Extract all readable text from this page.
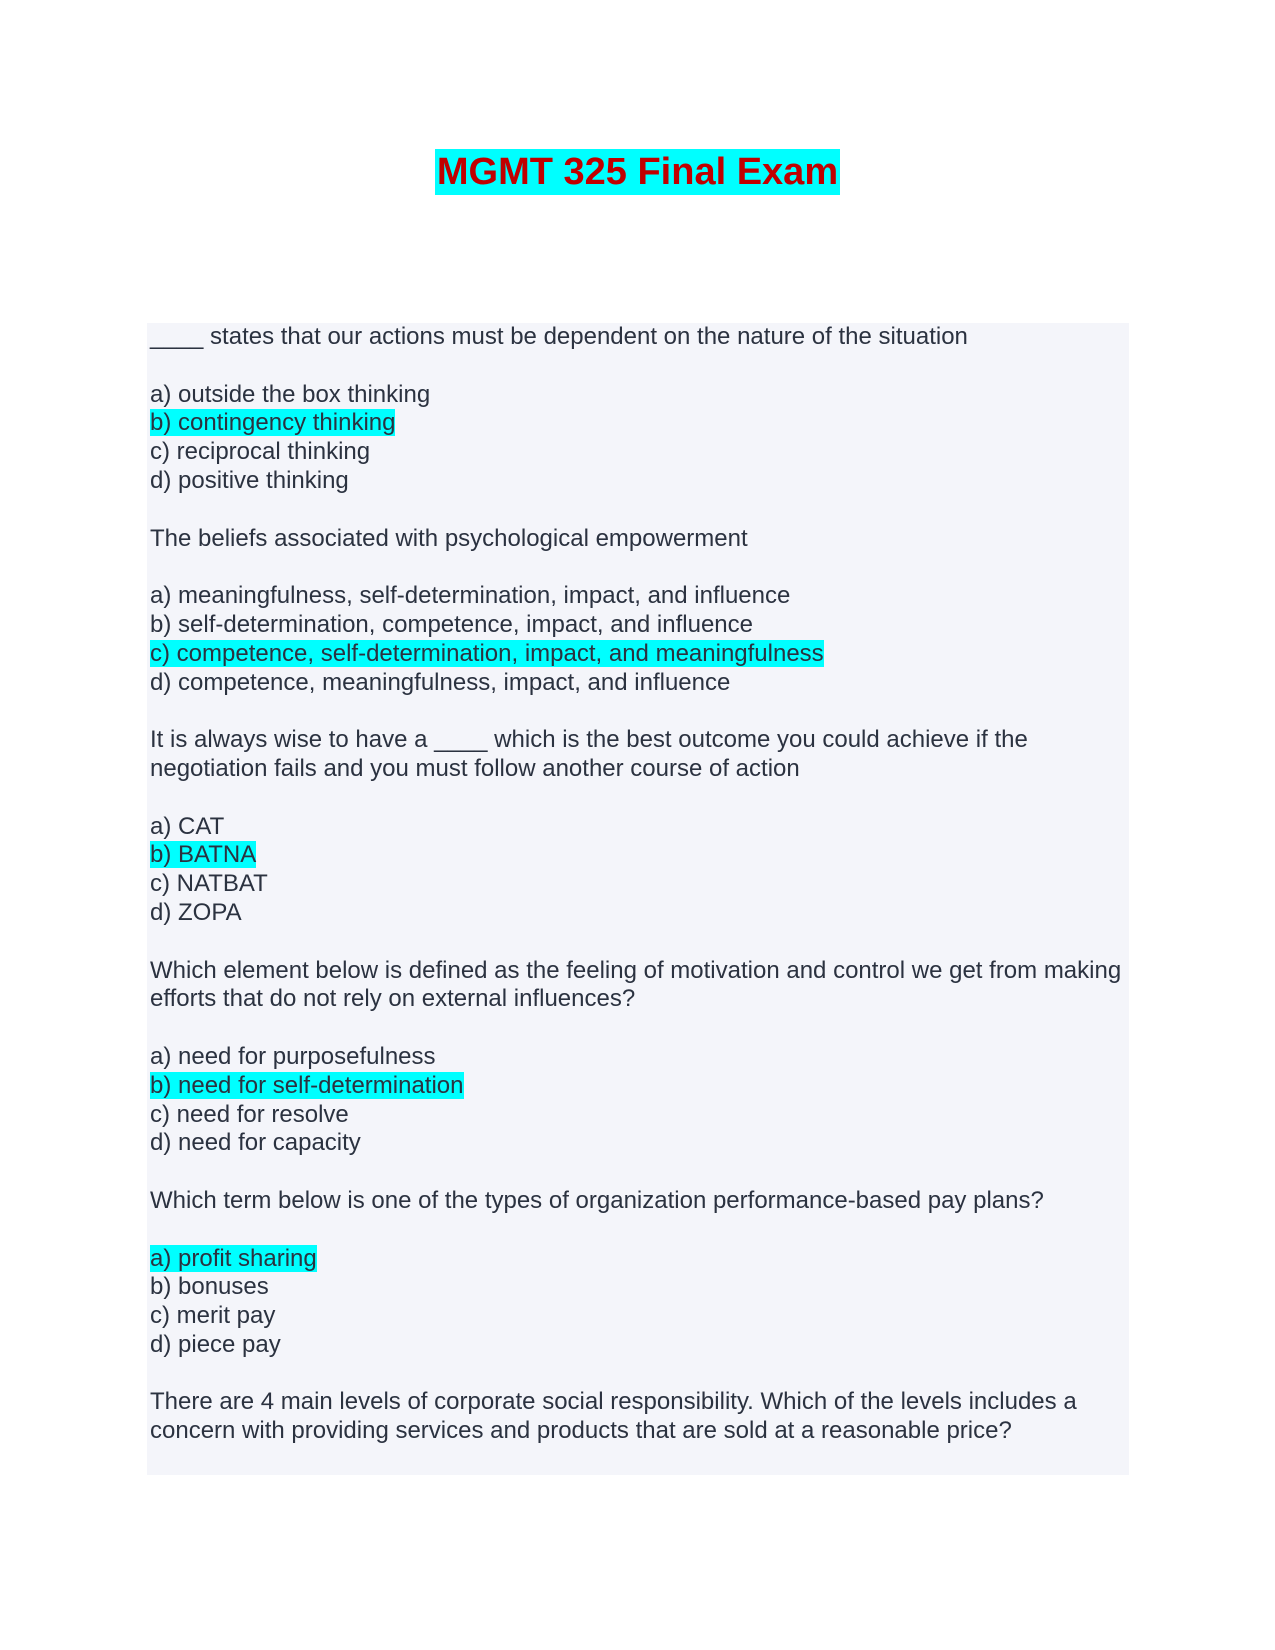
MGMT 325 Final Exam
____ states that our actions must be dependent on the nature of the situation
a) outside the box thinking
b) contingency thinking
c) reciprocal thinking
d) positive thinking
The beliefs associated with psychological empowerment
a) meaningfulness, self-determination, impact, and influence
b) self-determination, competence, impact, and influence
c) competence, self-determination, impact, and meaningfulness
d) competence, meaningfulness, impact, and influence
It is always wise to have a ____ which is the best outcome you could achieve if the negotiation fails and you must follow another course of action
a) CAT
b) BATNA
c) NATBAT
d) ZOPA
Which element below is defined as the feeling of motivation and control we get from making efforts that do not rely on external influences?
a) need for purposefulness
b) need for self-determination
c) need for resolve
d) need for capacity
Which term below is one of the types of organization performance-based pay plans?
a) profit sharing
b) bonuses
c) merit pay
d) piece pay
There are 4 main levels of corporate social responsibility. Which of the levels includes a concern with providing services and products that are sold at a reasonable price?
